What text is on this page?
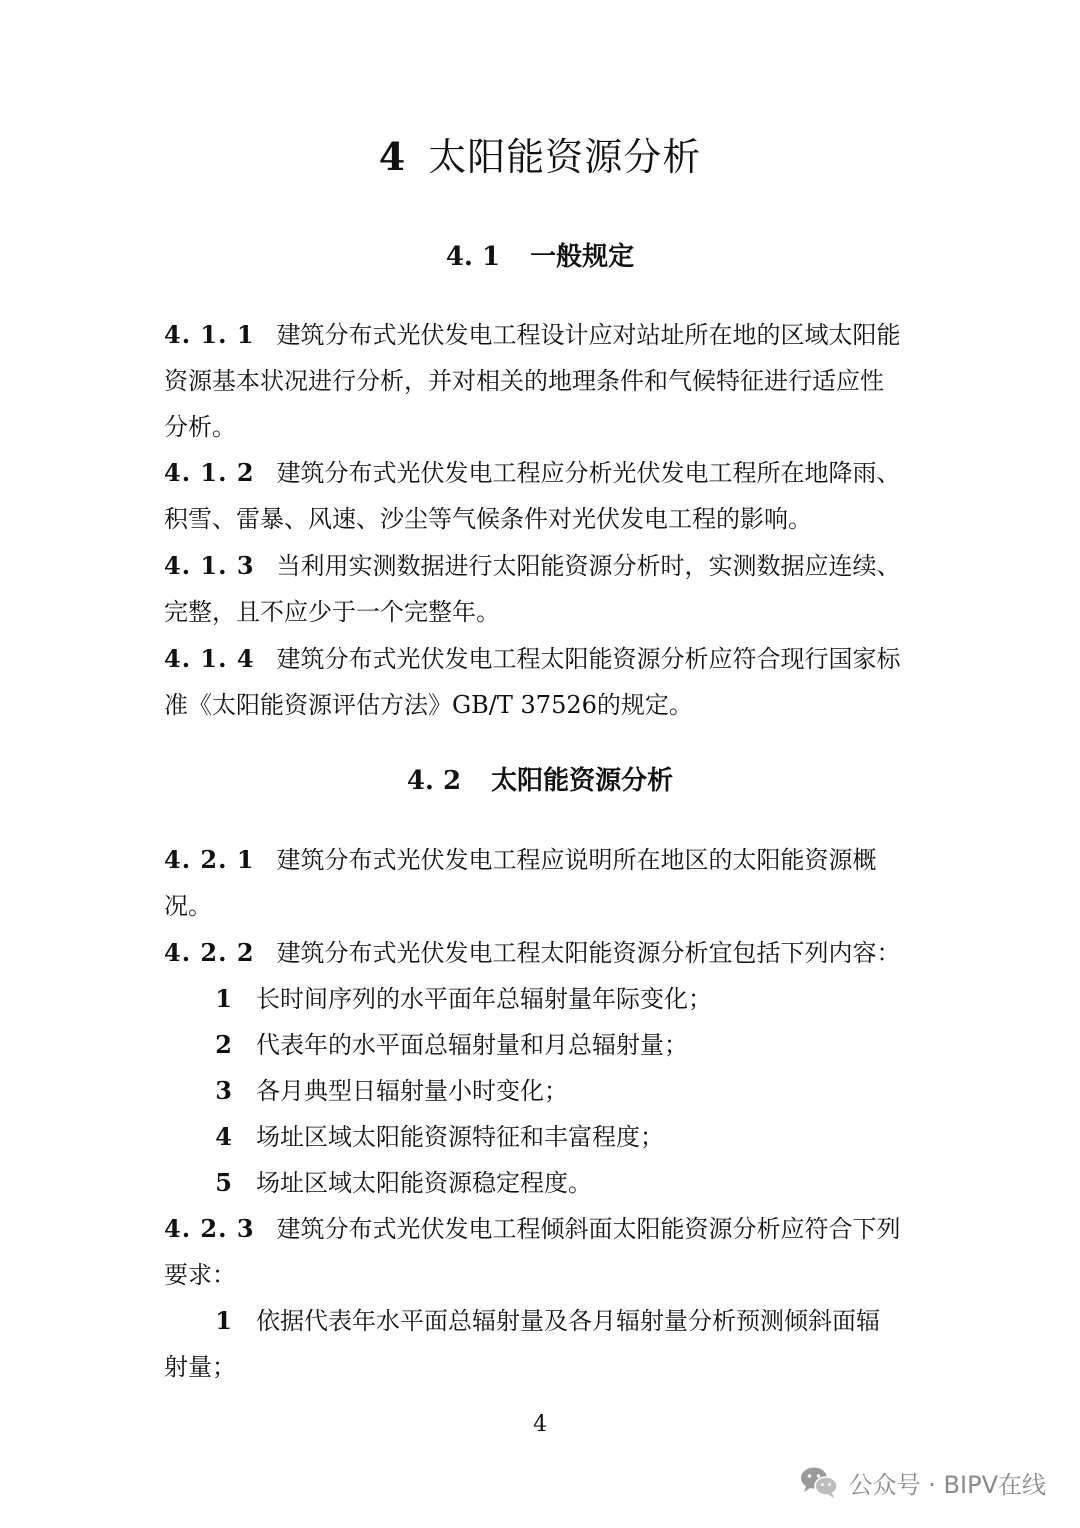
4 太阳能资源分析
4. 1 一般规定
4. 1. 1 建筑分布式光伏发电工程设计应对站址所在地的区域太阳能
资源基本状况进行分析，并对相关的地理条件和气候特征进行适应性
分析。
4. 1. 2 建筑分布式光伏发电工程应分析光伏发电工程所在地降雨、
积雪、雷暴、风速、沙尘等气候条件对光伏发电工程的影响。
4. 1. 3 当利用实测数据进行太阳能资源分析时，实测数据应连续、
完整，且不应少于一个完整年。
4. 1. 4 建筑分布式光伏发电工程太阳能资源分析应符合现行国家标
准《太阳能资源评估方法》GB/T 37526的规定。
4. 2 太阳能资源分析
4. 2. 1 建筑分布式光伏发电工程应说明所在地区的太阳能资源概
况。
4. 2. 2 建筑分布式光伏发电工程太阳能资源分析宜包括下列内容：
1 长时间序列的水平面年总辐射量年际变化；
2 代表年的水平面总辐射量和月总辐射量；
3 各月典型日辐射量小时变化；
4 场址区域太阳能资源特征和丰富程度；
5 场址区域太阳能资源稳定程度。
4. 2. 3 建筑分布式光伏发电工程倾斜面太阳能资源分析应符合下列
要求：
1 依据代表年水平面总辐射量及各月辐射量分析预测倾斜面辐
射量；
4
公众号 · BIPV在线
